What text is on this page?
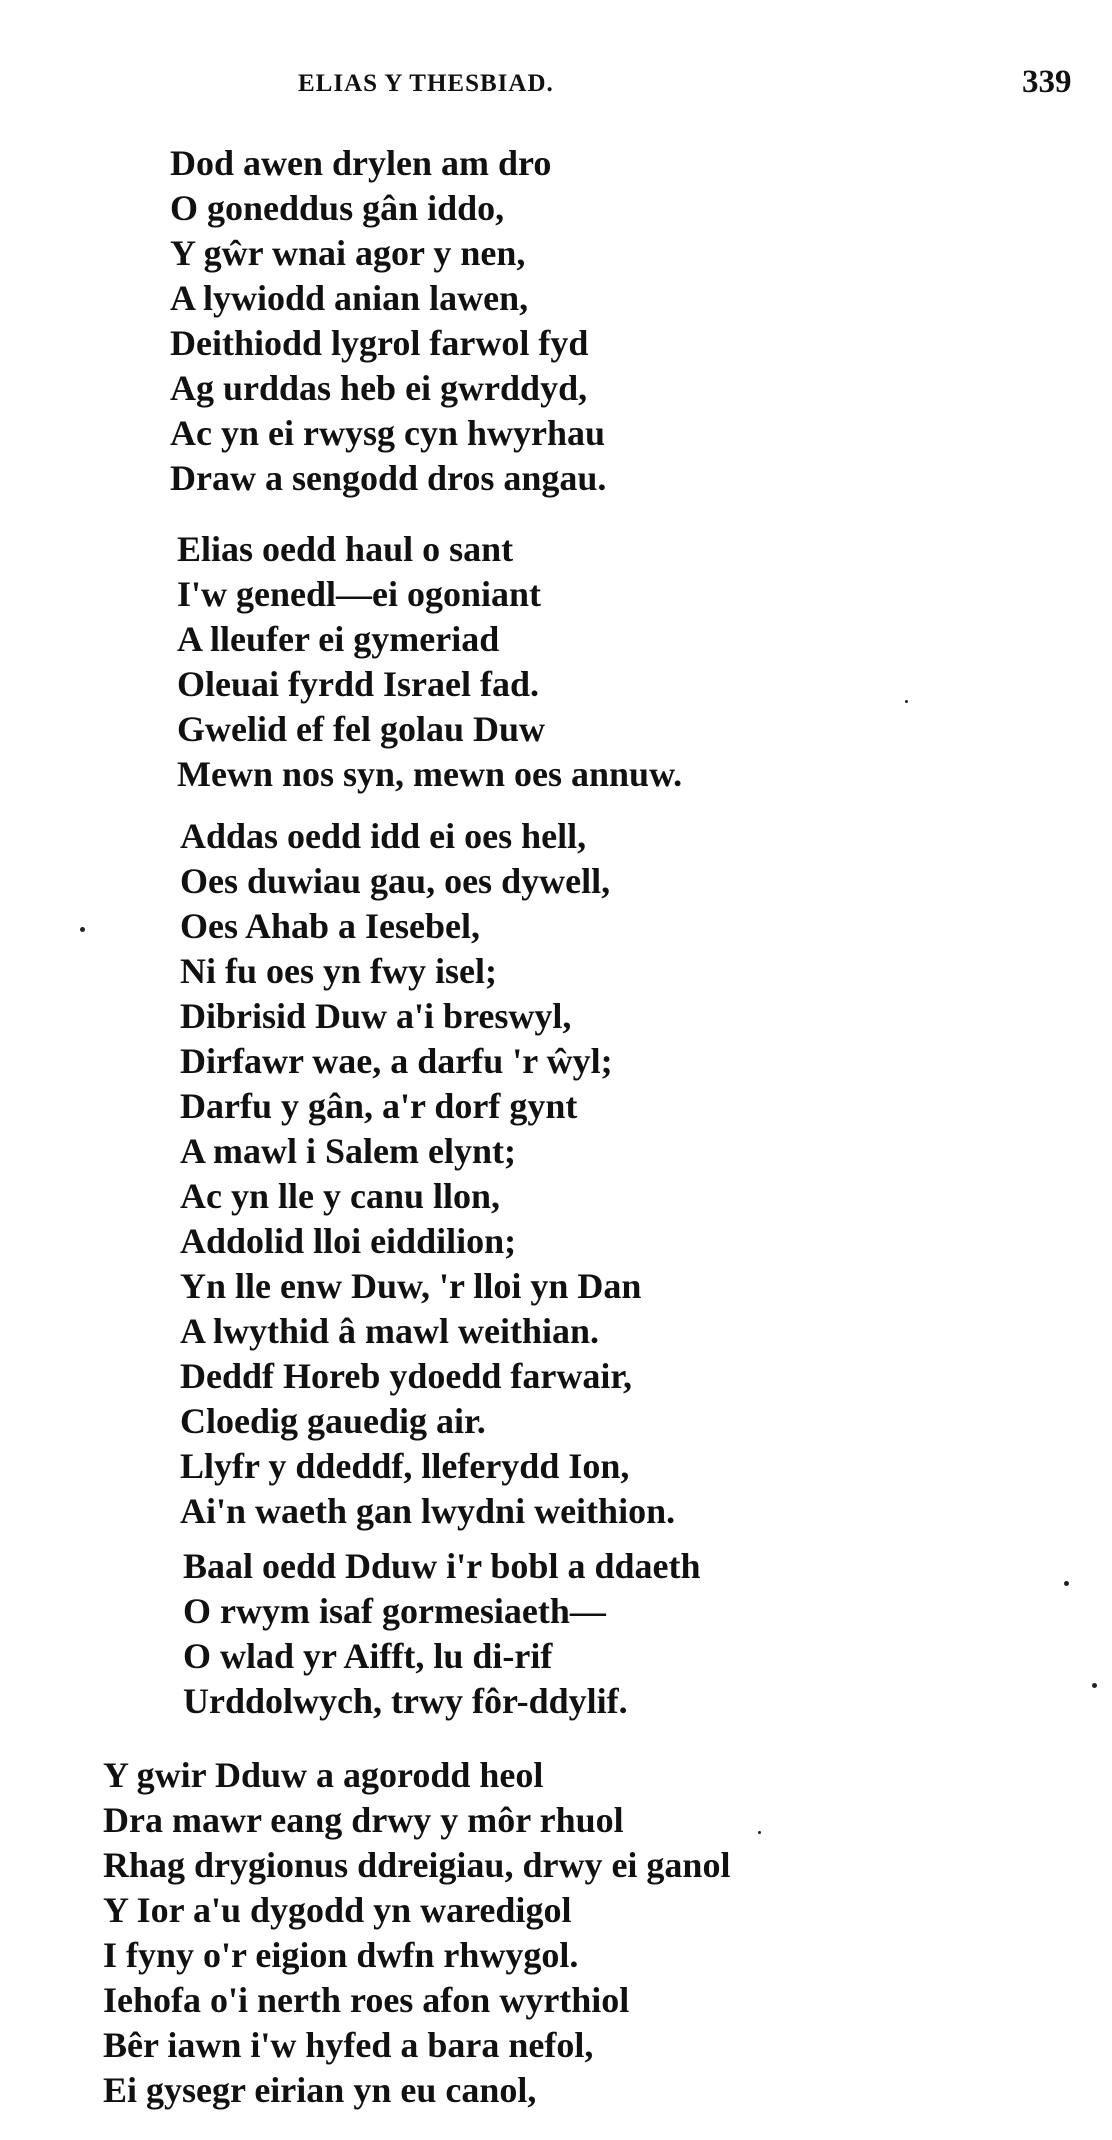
ELIAS Y THESBIAD.	339
Dod awen drylen am dro
O goneddus gân iddo,
Y gŵr wnai agor y nen,
A lywiodd anian lawen,
Deithiodd lygrol farwol fyd
Ag urddas heb ei gwrddyd,
Ac yn ei rwysg cyn hwyrhau
Draw a sengodd dros angau.
Elias oedd haul o sant
I'w genedl—ei ogoniant
A lleufer ei gymeriad
Oleuai fyrdd Israel fad.
Gwelid ef fel golau Duw
Mewn nos syn, mewn oes annuw.
Addas oedd idd ei oes hell,
Oes duwiau gau, oes dywell,
Oes Ahab a Iesebel,
Ni fu oes yn fwy isel;
Dibrisid Duw a'i breswyl,
Dirfawr wae, a darfu 'r ŵyl;
Darfu y gân, a'r dorf gynt
A mawl i Salem elynt;
Ac yn lle y canu llon,
Addolid lloi eiddilion;
Yn lle enw Duw, 'r lloi yn Dan
A lwythid â mawl weithian.
Deddf Horeb ydoedd farwair,
Cloedig gauedig air.
Llyfr y ddeddf, lleferydd Ion,
Ai'n waeth gan lwydni weithion.
Baal oedd Dduw i'r bobl a ddaeth
O rwym isaf gormesiaeth—
O wlad yr Aifft, lu di-rif
Urddolwych, trwy fôr-ddylif.
Y gwir Dduw a agorodd heol
Dra mawr eang drwy y môr rhuol
Rhag drygionus ddreigiau, drwy ei ganol
Y Ior a'u dygodd yn waredigol
I fyny o'r eigion dwfn rhwygol.
Iehofa o'i nerth roes afon wyrthiol
Bêr iawn i'w hyfed a bara nefol,
Ei gysegr eirian yn eu canol,
